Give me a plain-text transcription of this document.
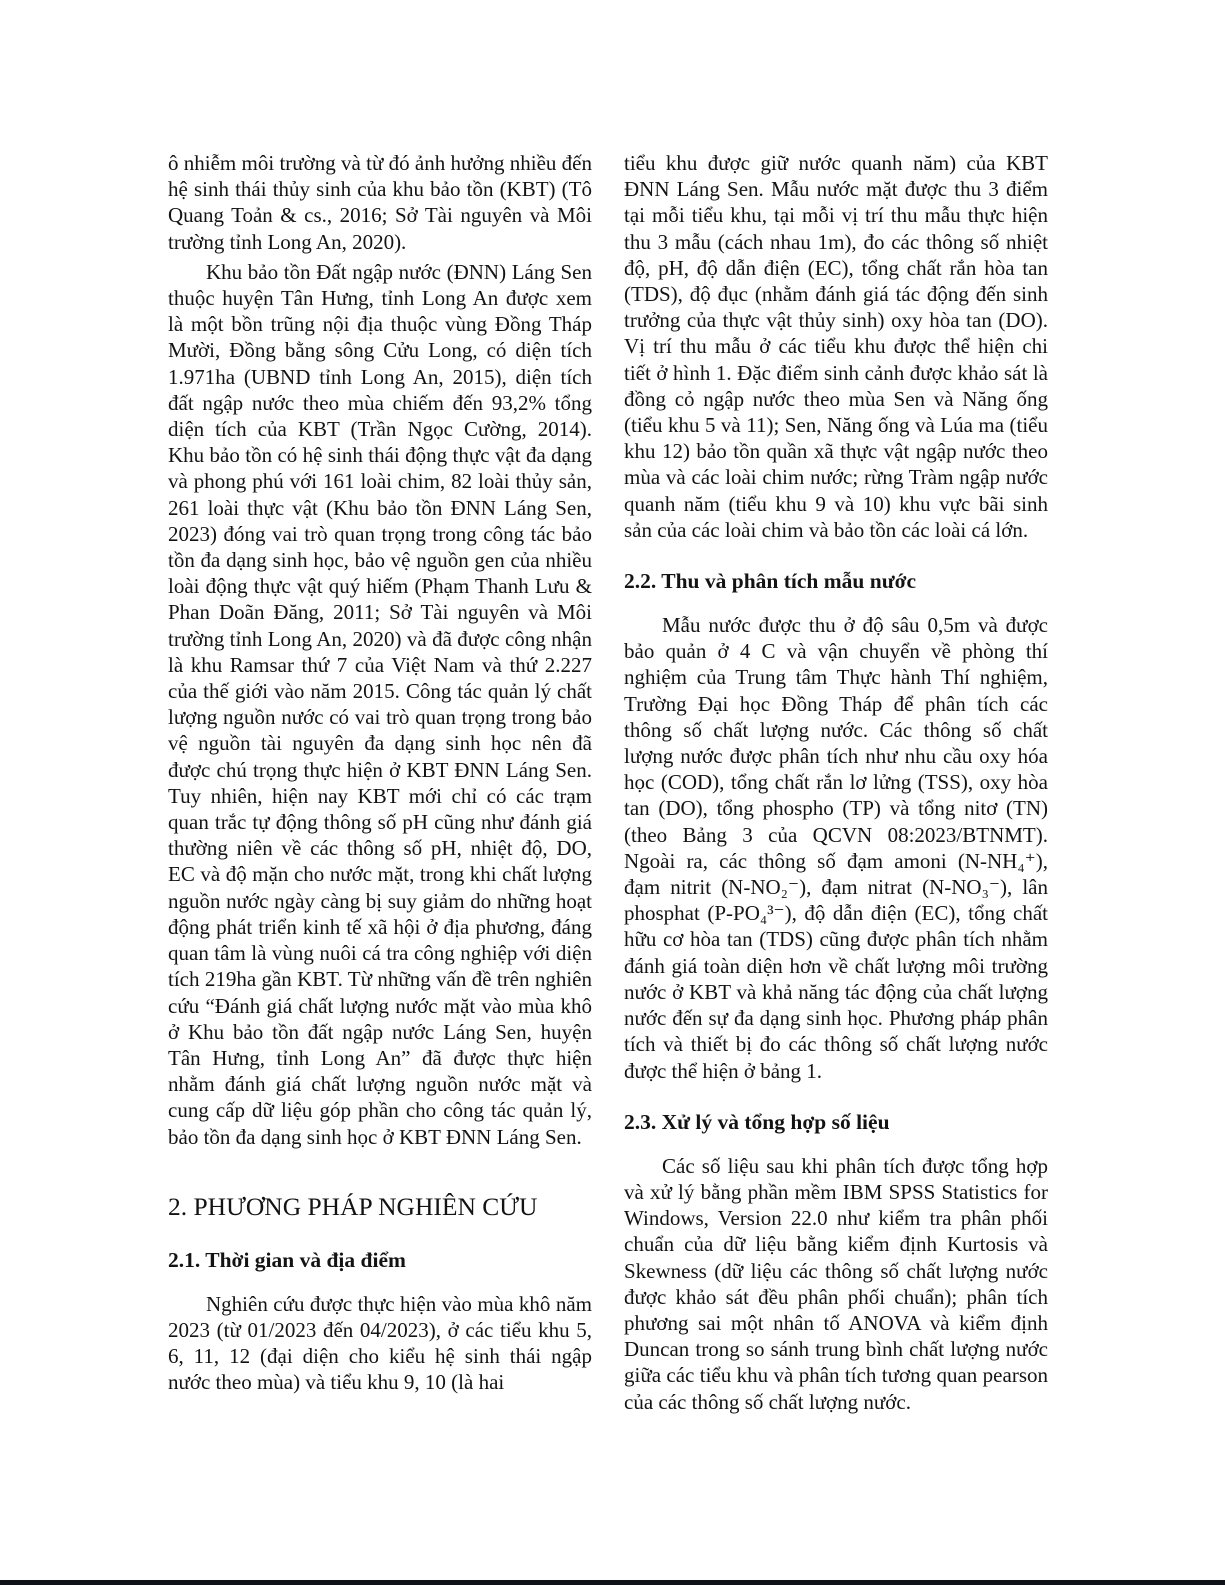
ô nhiễm môi trường và từ đó ảnh hưởng nhiều đến hệ sinh thái thủy sinh của khu bảo tồn (KBT) (Tô Quang Toản & cs., 2016; Sở Tài nguyên và Môi trường tỉnh Long An, 2020).

Khu bảo tồn Đất ngập nước (ĐNN) Láng Sen thuộc huyện Tân Hưng, tỉnh Long An được xem là một bồn trũng nội địa thuộc vùng Đồng Tháp Mười, Đồng bằng sông Cửu Long, có diện tích 1.971ha (UBND tỉnh Long An, 2015), diện tích đất ngập nước theo mùa chiếm đến 93,2% tổng diện tích của KBT (Trần Ngọc Cường, 2014). Khu bảo tồn có hệ sinh thái động thực vật đa dạng và phong phú với 161 loài chim, 82 loài thủy sản, 261 loài thực vật (Khu bảo tồn ĐNN Láng Sen, 2023) đóng vai trò quan trọng trong công tác bảo tồn đa dạng sinh học, bảo vệ nguồn gen của nhiều loài động thực vật quý hiếm (Phạm Thanh Lưu & Phan Doãn Đăng, 2011; Sở Tài nguyên và Môi trường tỉnh Long An, 2020) và đã được công nhận là khu Ramsar thứ 7 của Việt Nam và thứ 2.227 của thế giới vào năm 2015. Công tác quản lý chất lượng nguồn nước có vai trò quan trọng trong bảo vệ nguồn tài nguyên đa dạng sinh học nên đã được chú trọng thực hiện ở KBT ĐNN Láng Sen. Tuy nhiên, hiện nay KBT mới chỉ có các trạm quan trắc tự động thông số pH cũng như đánh giá thường niên về các thông số pH, nhiệt độ, DO, EC và độ mặn cho nước mặt, trong khi chất lượng nguồn nước ngày càng bị suy giảm do những hoạt động phát triển kinh tế xã hội ở địa phương, đáng quan tâm là vùng nuôi cá tra công nghiệp với diện tích 219ha gần KBT. Từ những vấn đề trên nghiên cứu “Đánh giá chất lượng nước mặt vào mùa khô ở Khu bảo tồn đất ngập nước Láng Sen, huyện Tân Hưng, tỉnh Long An” đã được thực hiện nhằm đánh giá chất lượng nguồn nước mặt và cung cấp dữ liệu góp phần cho công tác quản lý, bảo tồn đa dạng sinh học ở KBT ĐNN Láng Sen.

2. PHƯƠNG PHÁP NGHIÊN CỨU
2.1. Thời gian và địa điểm

Nghiên cứu được thực hiện vào mùa khô năm 2023 (từ 01/2023 đến 04/2023), ở các tiểu khu 5, 6, 11, 12 (đại diện cho kiểu hệ sinh thái ngập nước theo mùa) và tiểu khu 9, 10 (là hai

tiểu khu được giữ nước quanh năm) của KBT ĐNN Láng Sen. Mẫu nước mặt được thu 3 điểm tại mỗi tiểu khu, tại mỗi vị trí thu mẫu thực hiện thu 3 mẫu (cách nhau 1m), đo các thông số nhiệt độ, pH, độ dẫn điện (EC), tổng chất rắn hòa tan (TDS), độ đục (nhằm đánh giá tác động đến sinh trưởng của thực vật thủy sinh) oxy hòa tan (DO). Vị trí thu mẫu ở các tiểu khu được thể hiện chi tiết ở hình 1. Đặc điểm sinh cảnh được khảo sát là đồng cỏ ngập nước theo mùa Sen và Năng ống (tiểu khu 5 và 11); Sen, Năng ống và Lúa ma (tiểu khu 12) bảo tồn quần xã thực vật ngập nước theo mùa và các loài chim nước; rừng Tràm ngập nước quanh năm (tiểu khu 9 và 10) khu vực bãi sinh sản của các loài chim và bảo tồn các loài cá lớn.

2.2. Thu và phân tích mẫu nước

Mẫu nước được thu ở độ sâu 0,5m và được bảo quản ở 4 C và vận chuyển về phòng thí nghiệm của Trung tâm Thực hành Thí nghiệm, Trường Đại học Đồng Tháp để phân tích các thông số chất lượng nước. Các thông số chất lượng nước được phân tích như nhu cầu oxy hóa học (COD), tổng chất rắn lơ lửng (TSS), oxy hòa tan (DO), tổng phospho (TP) và tổng nitơ (TN) (theo Bảng 3 của QCVN 08:2023/BTNMT). Ngoài ra, các thông số đạm amoni (N-NH₄⁺), đạm nitrit (N-NO₂⁻), đạm nitrat (N-NO₃⁻), lân phosphat (P-PO₄³⁻), độ dẫn điện (EC), tổng chất hữu cơ hòa tan (TDS) cũng được phân tích nhằm đánh giá toàn diện hơn về chất lượng môi trường nước ở KBT và khả năng tác động của chất lượng nước đến sự đa dạng sinh học. Phương pháp phân tích và thiết bị đo các thông số chất lượng nước được thể hiện ở bảng 1.

2.3. Xử lý và tổng hợp số liệu

Các số liệu sau khi phân tích được tổng hợp và xử lý bằng phần mềm IBM SPSS Statistics for Windows, Version 22.0 như kiểm tra phân phối chuẩn của dữ liệu bằng kiểm định Kurtosis và Skewness (dữ liệu các thông số chất lượng nước được khảo sát đều phân phối chuẩn); phân tích phương sai một nhân tố ANOVA và kiểm định Duncan trong so sánh trung bình chất lượng nước giữa các tiểu khu và phân tích tương quan pearson của các thông số chất lượng nước.
